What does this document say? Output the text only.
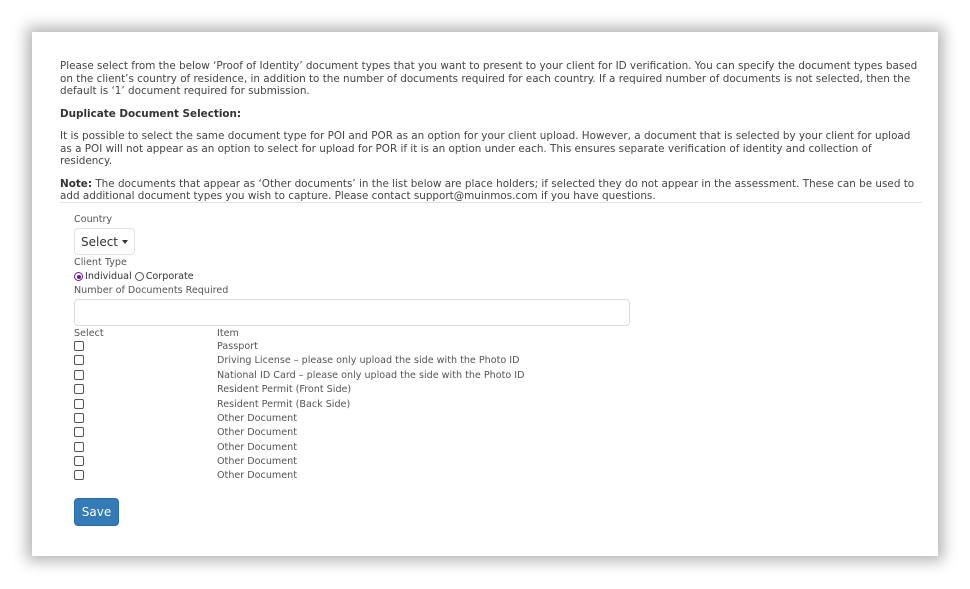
Please select from the below ‘Proof of Identity’ document types that you want to present to your client for ID verification. You can specify the document types based on the client’s country of residence, in addition to the number of documents required for each country. If a required number of documents is not selected, then the default is ‘1’ document required for submission.

Duplicate Document Selection:

It is possible to select the same document type for POI and POR as an option for your client upload. However, a document that is selected by your client for upload as a POI will not appear as an option to select for upload for POR if it is an option under each. This ensures separate verification of identity and collection of residency.

Note: The documents that appear as ‘Other documents’ in the list below are place holders; if selected they do not appear in the assessment. These can be used to add additional document types you wish to capture. Please contact support@muinmos.com if you have questions.

Country
Select
Client Type
Individual Corporate
Number of Documents Required
Select	Item
Passport
Driving License – please only upload the side with the Photo ID
National ID Card – please only upload the side with the Photo ID
Resident Permit (Front Side)
Resident Permit (Back Side)
Other Document
Other Document
Other Document
Other Document
Other Document
Save
